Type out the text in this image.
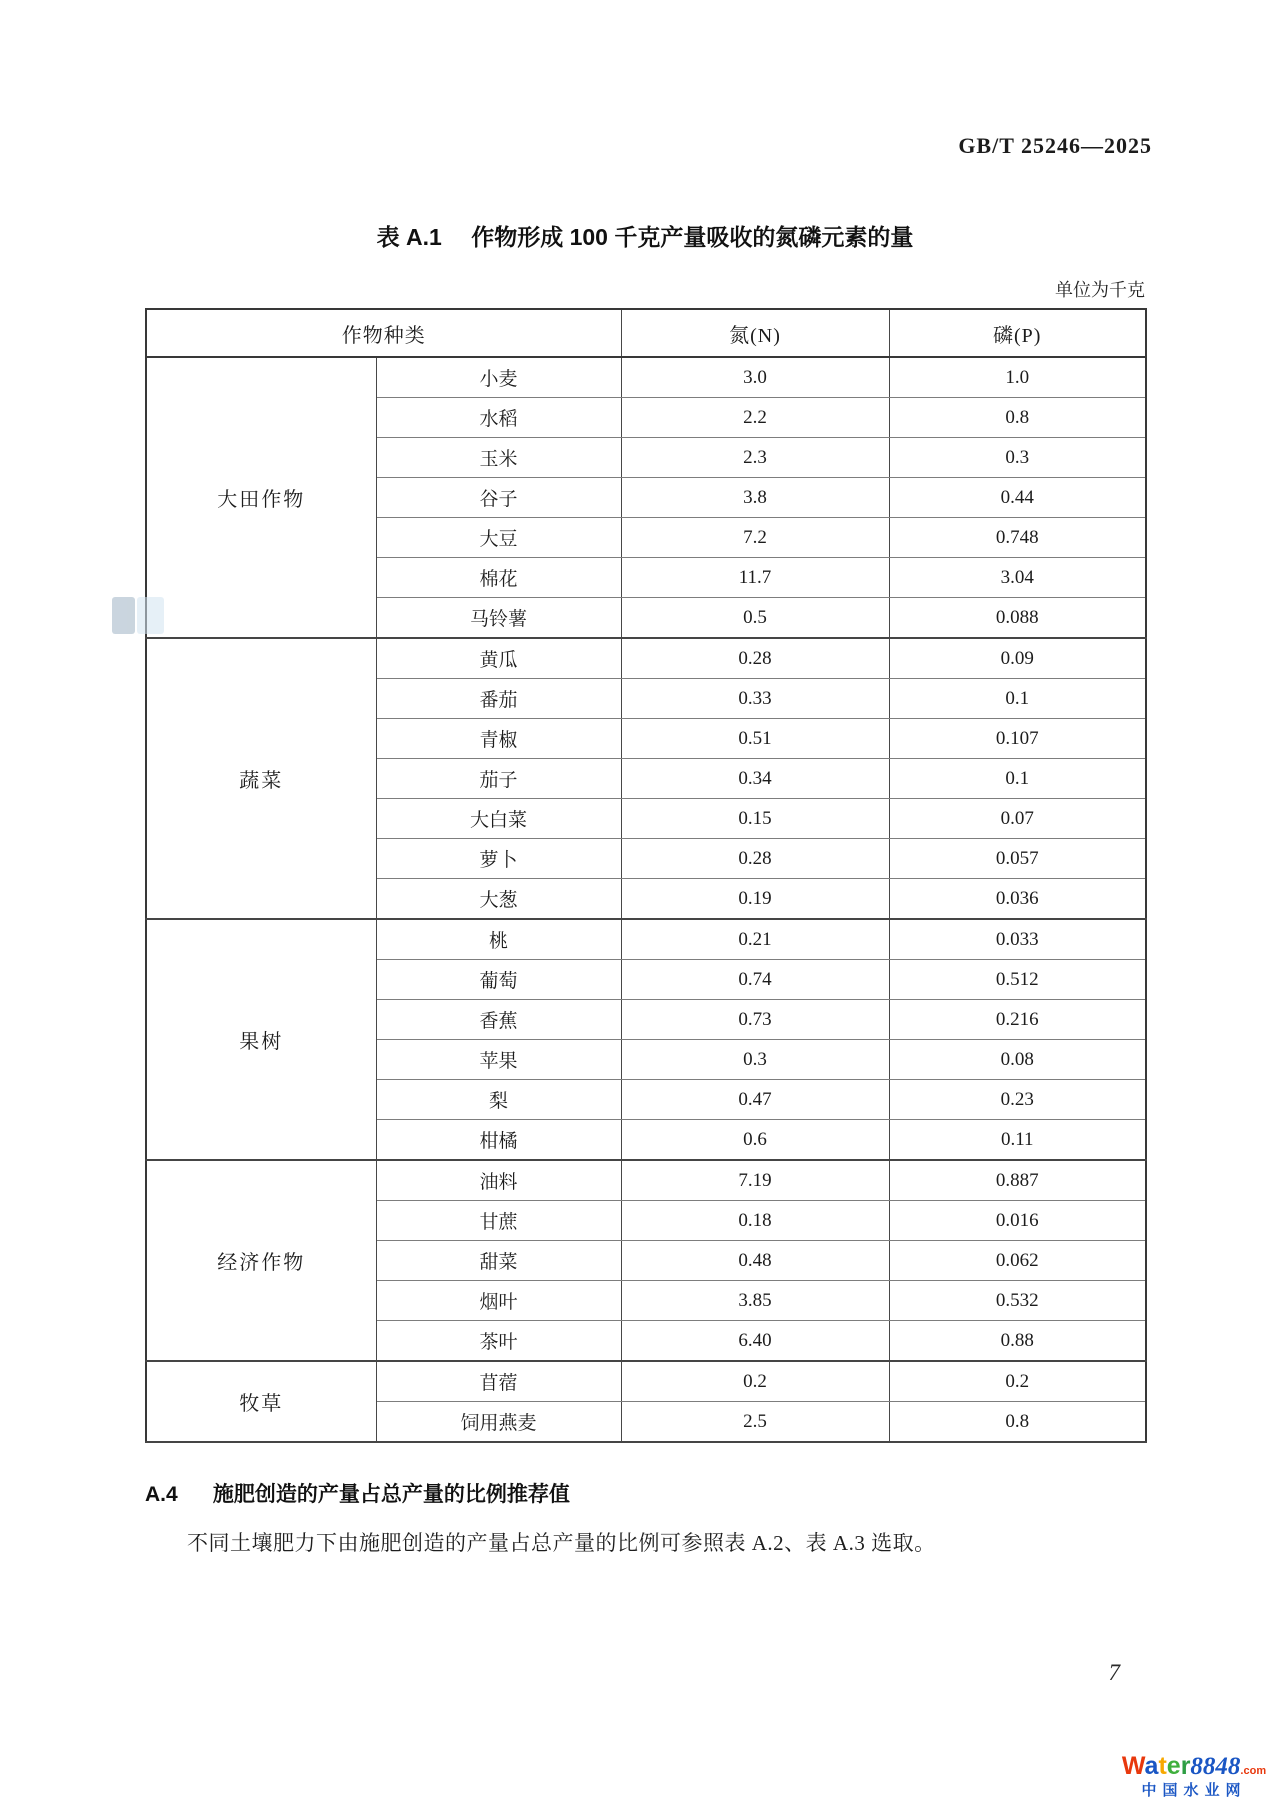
GB/T 25246—2025
表 A.1 作物形成 100 千克产量吸收的氮磷元素的量
单位为千克
作物种类		氮(N)	磷(P)
大田作物	小麦	3.0	1.0
	水稻	2.2	0.8
	玉米	2.3	0.3
	谷子	3.8	0.44
	大豆	7.2	0.748
	棉花	11.7	3.04
	马铃薯	0.5	0.088
蔬菜	黄瓜	0.28	0.09
	番茄	0.33	0.1
	青椒	0.51	0.107
	茄子	0.34	0.1
	大白菜	0.15	0.07
	萝卜	0.28	0.057
	大葱	0.19	0.036
果树	桃	0.21	0.033
	葡萄	0.74	0.512
	香蕉	0.73	0.216
	苹果	0.3	0.08
	梨	0.47	0.23
	柑橘	0.6	0.11
经济作物	油料	7.19	0.887
	甘蔗	0.18	0.016
	甜菜	0.48	0.062
	烟叶	3.85	0.532
	茶叶	6.40	0.88
牧草	苜蓿	0.2	0.2
	饲用燕麦	2.5	0.8
A.4 施肥创造的产量占总产量的比例推荐值

不同土壤肥力下由施肥创造的产量占总产量的比例可参照表 A.2、表 A.3 选取。

7
Water8848.com
中国水业网
